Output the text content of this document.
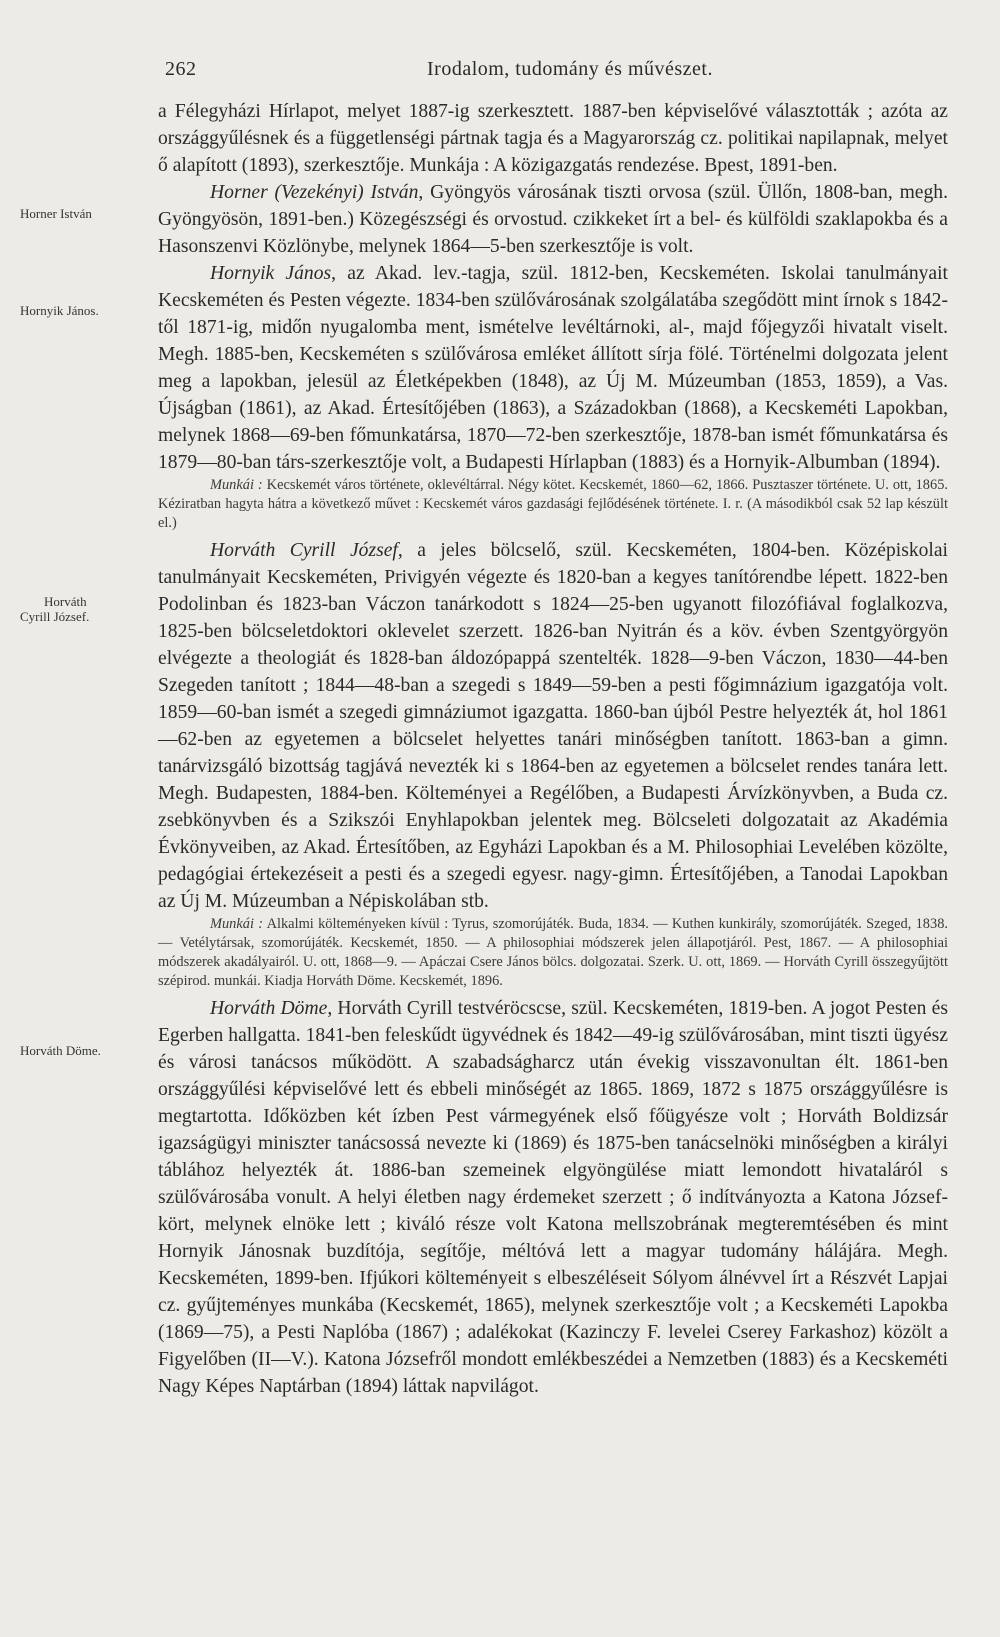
262	Irodalom, tudomány és művészet.
Horner István
Hornyik János.
Horváth
Cyrill József.
Horváth Döme.

a Félegyházi Hírlapot, melyet 1887-ig szerkesztett. 1887-ben képviselővé választották ; azóta az országgyűlésnek és a függetlenségi pártnak tagja és a Magyarország cz. politikai napilapnak, melyet ő alapított (1893), szerkesztője. Munkája : A közigazgatás rendezése. Bpest, 1891-ben.

Horner (Vezekényi) István, Gyöngyös városának tiszti orvosa (szül. Üllőn, 1808-ban, megh. Gyöngyösön, 1891-ben.) Közegészségi és orvostud. czikkeket írt a bel- és külföldi szaklapokba és a Hasonszenvi Közlönybe, melynek 1864—5-ben szerkesztője is volt.

Hornyik János, az Akad. lev.-tagja, szül. 1812-ben, Kecskeméten. Iskolai tanulmányait Kecskeméten és Pesten végezte. 1834-ben szülővárosának szolgálatába szegődött mint írnok s 1842-től 1871-ig, midőn nyugalomba ment, ismételve levéltárnoki, al-, majd főjegyzői hivatalt viselt. Megh. 1885-ben, Kecskeméten s szülővárosa emléket állított sírja fölé. Történelmi dolgozata jelent meg a lapokban, jelesül az Életképekben (1848), az Új M. Múzeumban (1853, 1859), a Vas. Újságban (1861), az Akad. Értesítőjében (1863), a Századokban (1868), a Kecskeméti Lapokban, melynek 1868—69-ben főmunkatársa, 1870—72-ben szerkesztője, 1878-ban ismét főmunkatársa és 1879—80-ban társ-szerkesztője volt, a Budapesti Hírlapban (1883) és a Hornyik-Albumban (1894).

Munkái : Kecskemét város története, oklevéltárral. Négy kötet. Kecskemét, 1860—62, 1866. Pusztaszer története. U. ott, 1865. Kéziratban hagyta hátra a következő művet : Kecskemét város gazdasági fejlődésének története. I. r. (A másodikból csak 52 lap készült el.)

Horváth Cyrill József, a jeles bölcselő, szül. Kecskeméten, 1804-ben. Középiskolai tanulmányait Kecskeméten, Privigyén végezte és 1820-ban a kegyes tanítórendbe lépett. 1822-ben Podolinban és 1823-ban Váczon tanárkodott s 1824—25-ben ugyanott filozófiával foglalkozva, 1825-ben bölcseletdoktori oklevelet szerzett. 1826-ban Nyitrán és a köv. évben Szentgyörgyön elvégezte a theologiát és 1828-ban áldozópappá szentelték. 1828—9-ben Váczon, 1830—44-ben Szegeden tanított ; 1844—48-ban a szegedi s 1849—59-ben a pesti főgimnázium igazgatója volt. 1859—60-ban ismét a szegedi gimnáziumot igazgatta. 1860-ban újból Pestre helyezték át, hol 1861—62-ben az egyetemen a bölcselet helyettes tanári minőségben tanított. 1863-ban a gimn. tanárvizsgáló bizottság tagjává nevezték ki s 1864-ben az egyetemen a bölcselet rendes tanára lett. Megh. Budapesten, 1884-ben. Költeményei a Regélőben, a Budapesti Árvízkönyvben, a Buda cz. zsebkönyvben és a Szikszói Enyhlapokban jelentek meg. Bölcseleti dolgozatait az Akadémia Évkönyveiben, az Akad. Értesítőben, az Egyházi Lapokban és a M. Philosophiai Levelében közölte, pedagógiai értekezéseit a pesti és a szegedi egyesr. nagy-gimn. Értesítőjében, a Tanodai Lapokban az Új M. Múzeumban a Népiskolában stb.

Munkái : Alkalmi költeményeken kívül : Tyrus, szomorújáték. Buda, 1834. — Kuthen kunkirály, szomorújáték. Szeged, 1838. — Vetélytársak, szomorújáték. Kecskemét, 1850. — A philosophiai módszerek jelen állapotjáról. Pest, 1867. — A philosophiai módszerek akadályairól. U. ott, 1868—9. — Apáczai Csere János bölcs. dolgozatai. Szerk. U. ott, 1869. — Horváth Cyrill összegyűjtött szépirod. munkái. Kiadja Horváth Döme. Kecskemét, 1896.

Horváth Döme, Horváth Cyrill testvéröcscse, szül. Kecskeméten, 1819-ben. A jogot Pesten és Egerben hallgatta. 1841-ben feleskűdt ügyvédnek és 1842—49-ig szülővárosában, mint tiszti ügyész és városi tanácsos működött. A szabadságharcz után évekig visszavonultan élt. 1861-ben országgyűlési képviselővé lett és ebbeli minőségét az 1865. 1869, 1872 s 1875 országgyűlésre is megtartotta. Időközben két ízben Pest vármegyének első főügyésze volt ; Horváth Boldizsár igazságügyi miniszter tanácsossá nevezte ki (1869) és 1875-ben tanácselnöki minőségben a királyi táblához helyezték át. 1886-ban szemeinek elgyöngülése miatt lemondott hivataláról s szülővárosába vonult. A helyi életben nagy érdemeket szerzett ; ő indítványozta a Katona József-kört, melynek elnöke lett ; kiváló része volt Katona mellszobrának megteremtésében és mint Hornyik Jánosnak buzdítója, segítője, méltóvá lett a magyar tudomány hálájára. Megh. Kecskeméten, 1899-ben. Ifjúkori költeményeit s elbeszéléseit Sólyom álnévvel írt a Részvét Lapjai cz. gyűjteményes munkába (Kecskemét, 1865), melynek szerkesztője volt ; a Kecskeméti Lapokba (1869—75), a Pesti Naplóba (1867) ; adalékokat (Kazinczy F. levelei Cserey Farkashoz) közölt a Figyelőben (II—V.). Katona Józsefről mondott emlékbeszédei a Nemzetben (1883) és a Kecskeméti Nagy Képes Naptárban (1894) láttak napvilágot.
